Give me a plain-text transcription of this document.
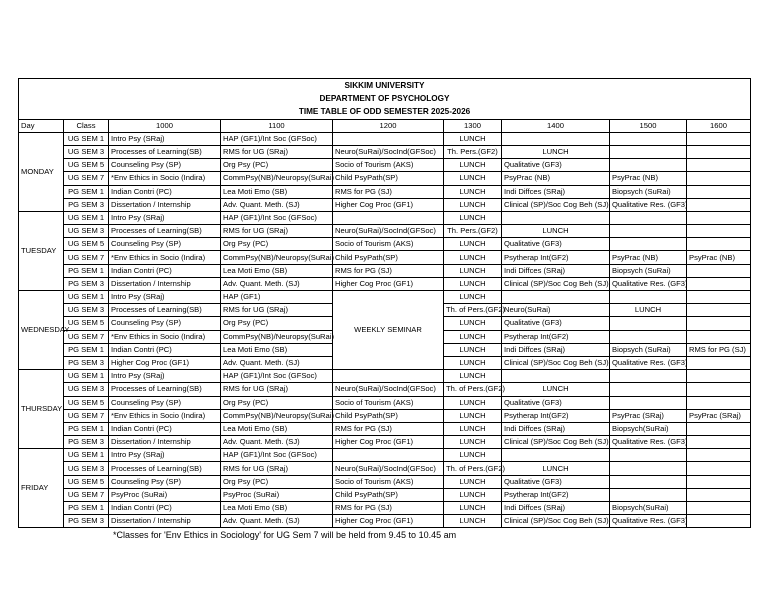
SIKKIM UNIVERSITY								
DEPARTMENT OF PSYCHOLOGY								
TIME TABLE OF ODD SEMESTER 2025-2026								
Day	Class	1000	1100	1200	1300	1400	1500	1600
MONDAY	UG SEM 1	Intro Psy (SRaj)	HAP (GF1)/Int Soc (GFSoc)		LUNCH			
	UG SEM 3	Processes of Learning(SB)	RMS for UG (SRaj)	Neuro(SuRai)/SocInd(GFSoc)	Th. Pers.(GF2)	LUNCH		
	UG SEM 5	Counseling Psy (SP)	Org Psy (PC)	Socio of Tourism (AKS)	LUNCH	Qualitative (GF3)		
	UG SEM 7	*Env Ethics in Socio (Indira)	CommPsy(NB)/Neuropsy(SuRai)	Child PsyPath(SP)	LUNCH	PsyPrac (NB)	PsyPrac (NB)	
	PG SEM 1	Indian Contri (PC)	Lea Moti Emo (SB)	RMS for PG (SJ)	LUNCH	Indi Diffces (SRaj)	Biopsych (SuRai)	
	PG SEM 3	Dissertation / Internship	Adv. Quant. Meth. (SJ)	Higher Cog Proc (GF1)	LUNCH	Clinical (SP)/Soc Cog Beh (SJ)	Qualitative Res. (GF3)	
TUESDAY	UG SEM 1	Intro Psy (SRaj)	HAP (GF1)/Int Soc (GFSoc)		LUNCH			
	UG SEM 3	Processes of Learning(SB)	RMS for UG (SRaj)	Neuro(SuRai)/SocInd(GFSoc)	Th. Pers.(GF2)	LUNCH		
	UG SEM 5	Counseling Psy (SP)	Org Psy (PC)	Socio of Tourism (AKS)	LUNCH	Qualitative (GF3)		
	UG SEM 7	*Env Ethics in Socio (Indira)	CommPsy(NB)/Neuropsy(SuRai)	Child PsyPath(SP)	LUNCH	Psytherap Int(GF2)	PsyPrac (NB)	PsyPrac (NB)
	PG SEM 1	Indian Contri (PC)	Lea Moti Emo (SB)	RMS for PG (SJ)	LUNCH	Indi Diffces (SRaj)	Biopsych (SuRai)	
	PG SEM 3	Dissertation / Internship	Adv. Quant. Meth. (SJ)	Higher Cog Proc (GF1)	LUNCH	Clinical (SP)/Soc Cog Beh (SJ)	Qualitative Res. (GF3)	
WEDNESDAY	UG SEM 1	Intro Psy (SRaj)	HAP (GF1)	WEEKLY SEMINAR	LUNCH			
	UG SEM 3	Processes of Learning(SB)	RMS for UG (SRaj)		Th. of Pers.(GF2)	Neuro(SuRai)	LUNCH	
	UG SEM 5	Counseling Psy (SP)	Org Psy (PC)		LUNCH	Qualitative (GF3)		
	UG SEM 7	*Env Ethics in Socio (Indira)	CommPsy(NB)/Neuropsy(SuRai)		LUNCH	Psytherap Int(GF2)		
	PG SEM 1	Indian Contri (PC)	Lea Moti Emo (SB)		LUNCH	Indi Diffces (SRaj)	Biopsych (SuRai)	RMS for PG (SJ)
	PG SEM 3	Higher Cog Proc (GF1)	Adv. Quant. Meth. (SJ)		LUNCH	Clinical (SP)/Soc Cog Beh (SJ)	Qualitative Res. (GF3)	
THURSDAY	UG SEM 1	Intro Psy (SRaj)	HAP (GF1)/Int Soc (GFSoc)		LUNCH			
	UG SEM 3	Processes of Learning(SB)	RMS for UG (SRaj)	Neuro(SuRai)/SocInd(GFSoc)	Th. of Pers.(GF2)	LUNCH		
	UG SEM 5	Counseling Psy (SP)	Org Psy (PC)	Socio of Tourism (AKS)	LUNCH	Qualitative (GF3)		
	UG SEM 7	*Env Ethics in Socio (Indira)	CommPsy(NB)/Neuropsy(SuRai)	Child PsyPath(SP)	LUNCH	Psytherap Int(GF2)	PsyPrac (SRaj)	PsyPrac (SRaj)
	PG SEM 1	Indian Contri (PC)	Lea Moti Emo (SB)	RMS for PG (SJ)	LUNCH	Indi Diffces (SRaj)	Biopsych(SuRai)	
	PG SEM 3	Dissertation / Internship	Adv. Quant. Meth. (SJ)	Higher Cog Proc (GF1)	LUNCH	Clinical (SP)/Soc Cog Beh (SJ)	Qualitative Res. (GF3)	
FRIDAY	UG SEM 1	Intro Psy (SRaj)	HAP (GF1)/Int Soc (GFSoc)		LUNCH			
	UG SEM 3	Processes of Learning(SB)	RMS for UG (SRaj)	Neuro(SuRai)/SocInd(GFSoc)	Th. of Pers.(GF2)	LUNCH		
	UG SEM 5	Counseling Psy (SP)	Org Psy (PC)	Socio of Tourism (AKS)	LUNCH	Qualitative (GF3)		
	UG SEM 7	PsyProc (SuRai)	PsyProc (SuRai)	Child PsyPath(SP)	LUNCH	Psytherap Int(GF2)		
	PG SEM 1	Indian Contri (PC)	Lea Moti Emo (SB)	RMS for PG (SJ)	LUNCH	Indi Diffces (SRaj)	Biopsych(SuRai)	
	PG SEM 3	Dissertation / Internship	Adv. Quant. Meth. (SJ)	Higher Cog Proc (GF1)	LUNCH	Clinical (SP)/Soc Cog Beh (SJ)	Qualitative Res. (GF3)	
*Classes for 'Env Ethics in Sociology' for UG Sem 7 will be held from 9.45 to 10.45 am
